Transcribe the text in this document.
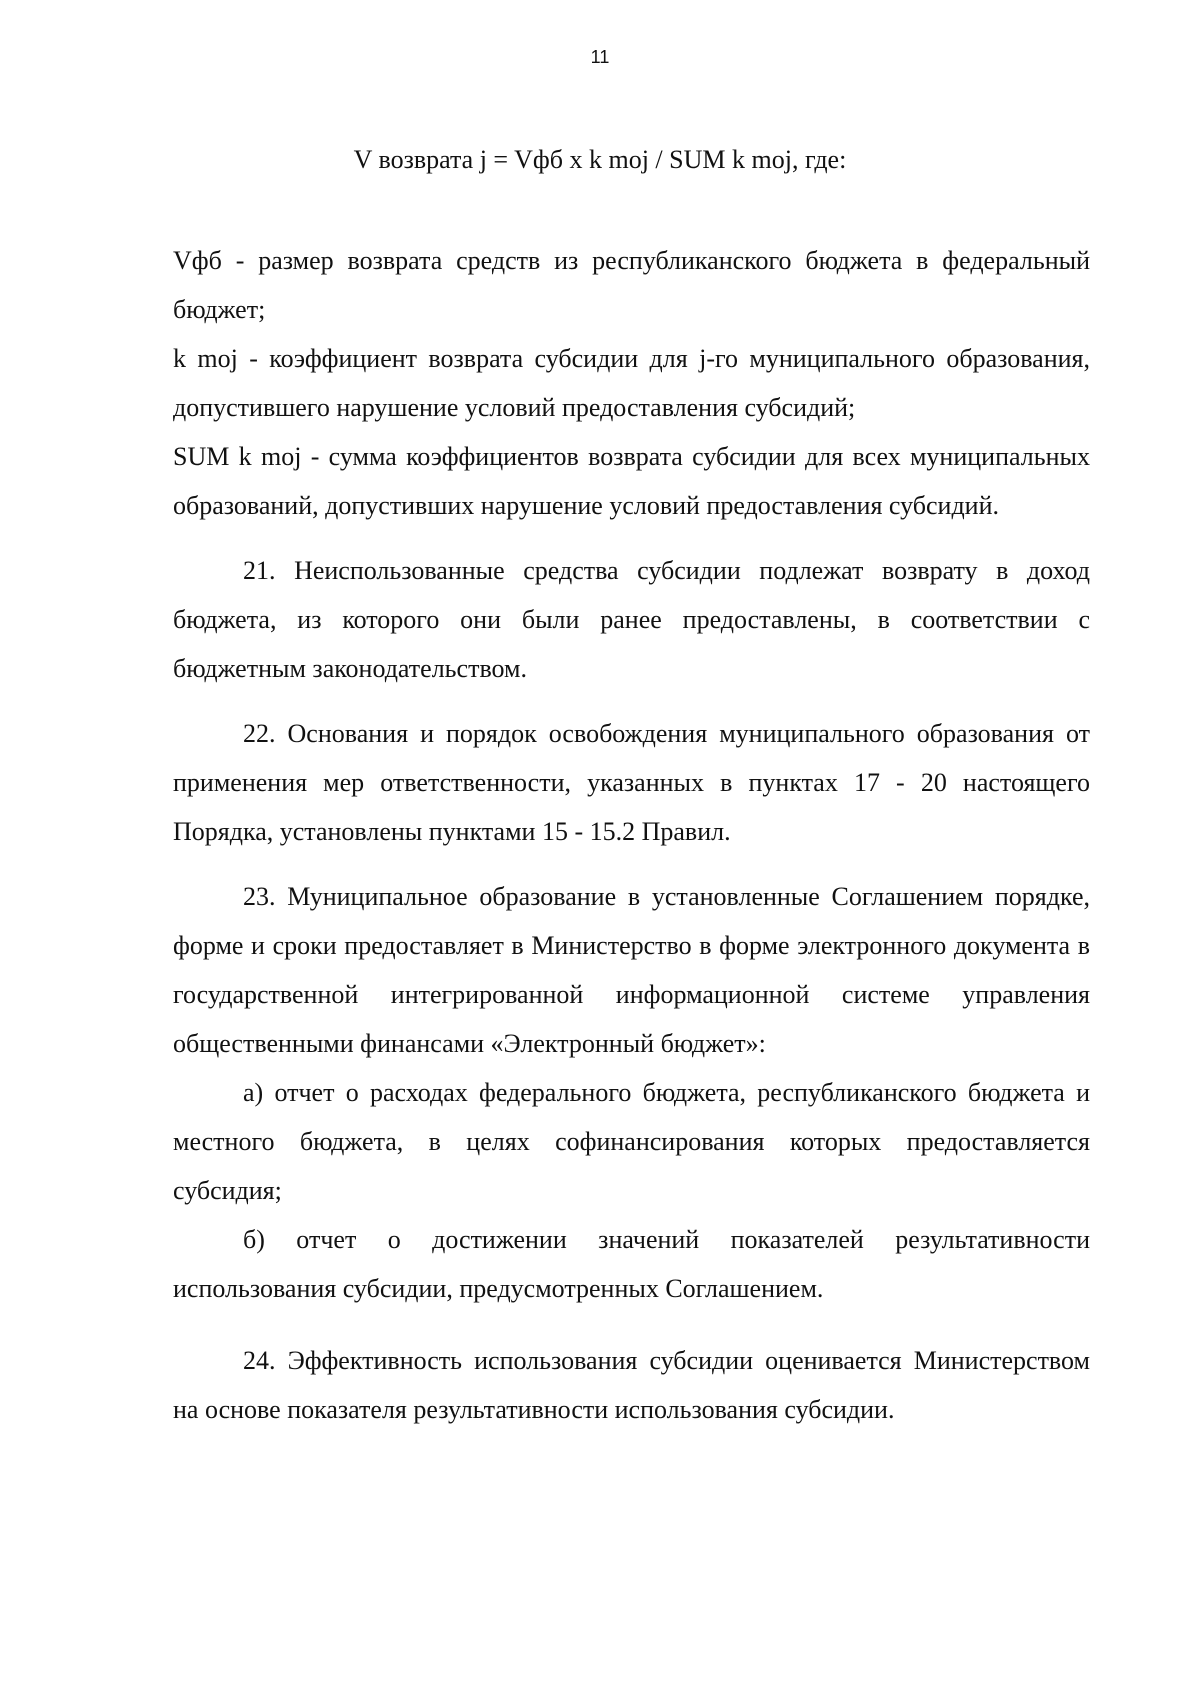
11
V возврата j = Vфб x k moj / SUM k moj, где:

Vфб - размер возврата средств из республиканского бюджета в федеральный бюджет;

k moj - коэффициент возврата субсидии для j-го муниципального образования, допустившего нарушение условий предоставления субсидий;

SUM k moj - сумма коэффициентов возврата субсидии для всех муниципальных образований, допустивших нарушение условий предоставления субсидий.

21. Неиспользованные средства субсидии подлежат возврату в доход бюджета, из которого они были ранее предоставлены, в соответствии с бюджетным законодательством.

22. Основания и порядок освобождения муниципального образования от применения мер ответственности, указанных в пунктах 17 - 20 настоящего Порядка, установлены пунктами 15 - 15.2 Правил.

23. Муниципальное образование в установленные Соглашением порядке, форме и сроки предоставляет в Министерство в форме электронного документа в государственной интегрированной информационной системе управления общественными финансами «Электронный бюджет»:

а) отчет о расходах федерального бюджета, республиканского бюджета и местного бюджета, в целях софинансирования которых предоставляется субсидия;

б) отчет о достижении значений показателей результативности использования субсидии, предусмотренных Соглашением.

24. Эффективность использования субсидии оценивается Министерством на основе показателя результативности использования субсидии.
